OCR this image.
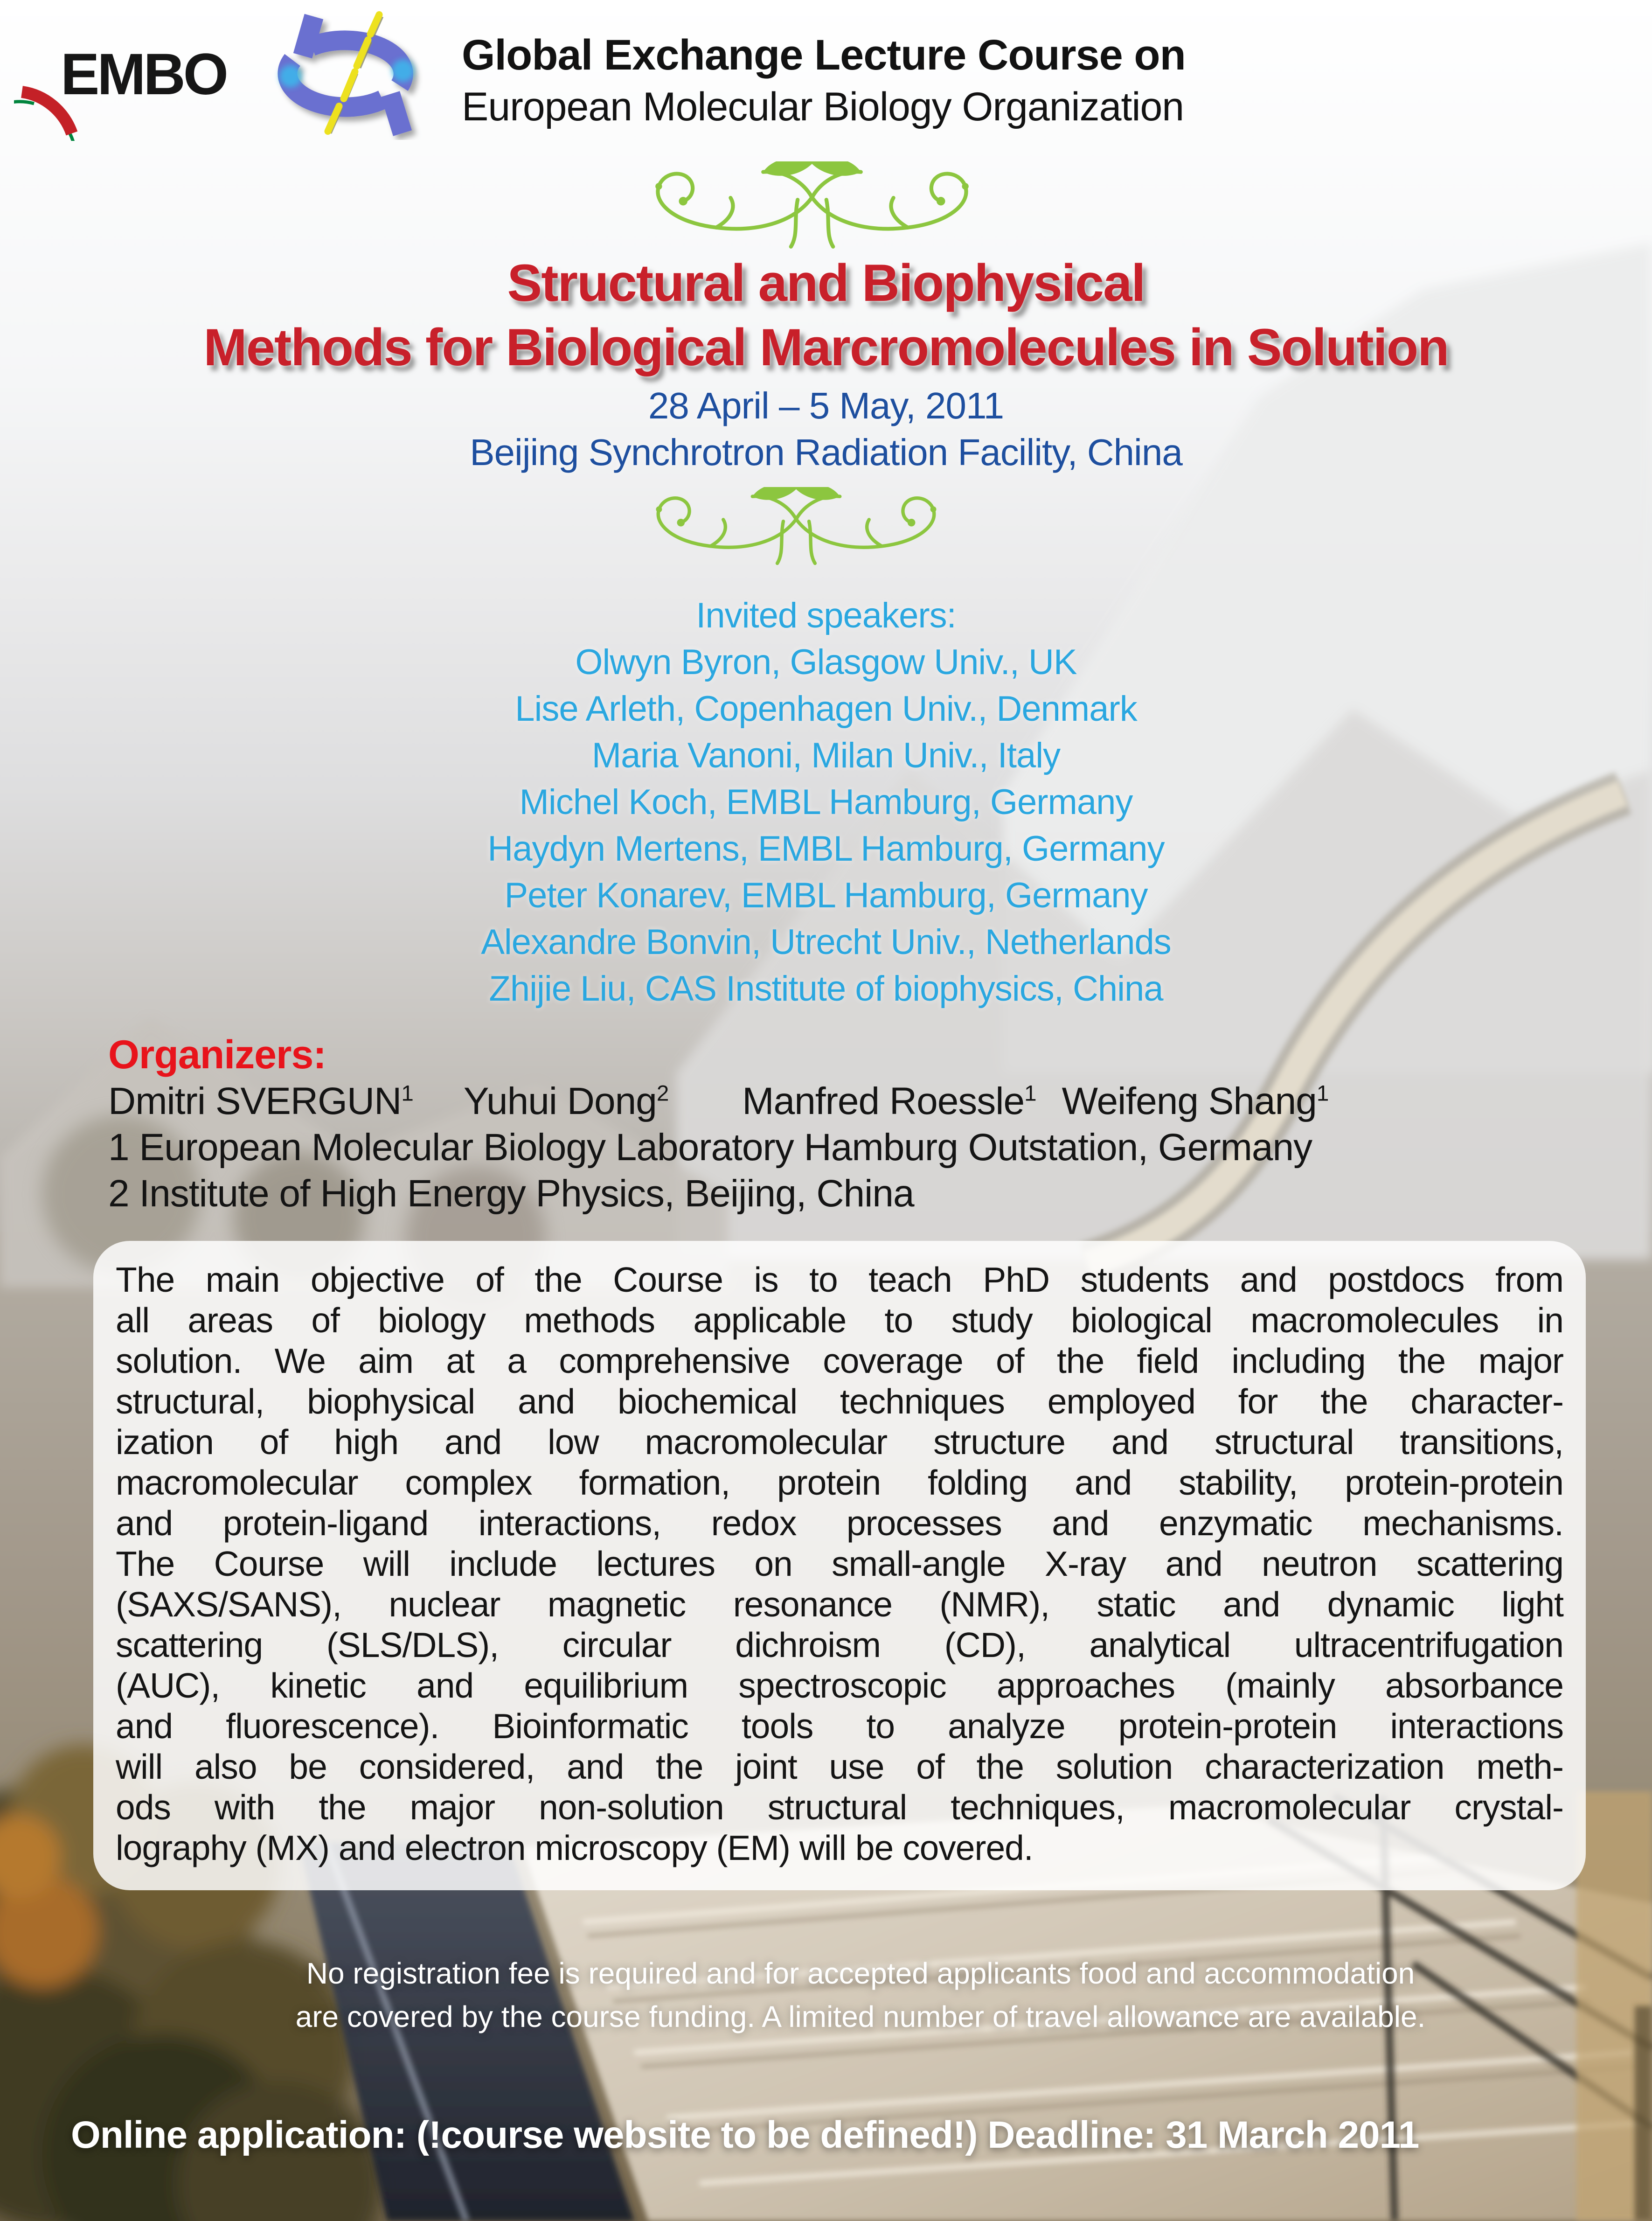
EMBO	Global Exchange Lecture Course on
European Molecular Biology Organization
Structural and Biophysical
Methods for Biological Marcromolecules in Solution
28 April – 5 May, 2011
Beijing Synchrotron Radiation Facility, China
Invited speakers:
Olwyn Byron, Glasgow Univ., UK
Lise Arleth, Copenhagen Univ., Denmark
Maria Vanoni, Milan Univ., Italy
Michel Koch, EMBL Hamburg, Germany
Haydyn Mertens, EMBL Hamburg, Germany
Peter Konarev, EMBL Hamburg, Germany
Alexandre Bonvin, Utrecht Univ., Netherlands
Zhijie Liu, CAS Institute of biophysics, China
Organizers:
Dmitri SVERGUN$^1$ Yuhui Dong$^2$ Manfred Roessle$^1$ Weifeng Shang$^1$
1 European Molecular Biology Laboratory Hamburg Outstation, Germany
2 Institute of High Energy Physics, Beijing, China
The main objective of the Course is to teach PhD students and postdocs from
all areas of biology methods applicable to study biological macromolecules in
solution. We aim at a comprehensive coverage of the field including the major
structural, biophysical and biochemical techniques employed for the character-
ization of high and low macromolecular structure and structural transitions,
macromolecular complex formation, protein folding and stability, protein-protein
and protein-ligand interactions, redox processes and enzymatic mechanisms.
The Course will include lectures on small-angle X-ray and neutron scattering
(SAXS/SANS), nuclear magnetic resonance (NMR), static and dynamic light
scattering (SLS/DLS), circular dichroism (CD), analytical ultracentrifugation
(AUC), kinetic and equilibrium spectroscopic approaches (mainly absorbance
and fluorescence). Bioinformatic tools to analyze protein-protein interactions
will also be considered, and the joint use of the solution characterization meth-
ods with the major non-solution structural techniques, macromolecular crystal-
lography (MX) and electron microscopy (EM) will be covered.
No registration fee is required and for accepted applicants food and accommodation
are covered by the course funding. A limited number of travel allowance are available.
Online application: (!course website to be defined!) Deadline: 31 March 2011
